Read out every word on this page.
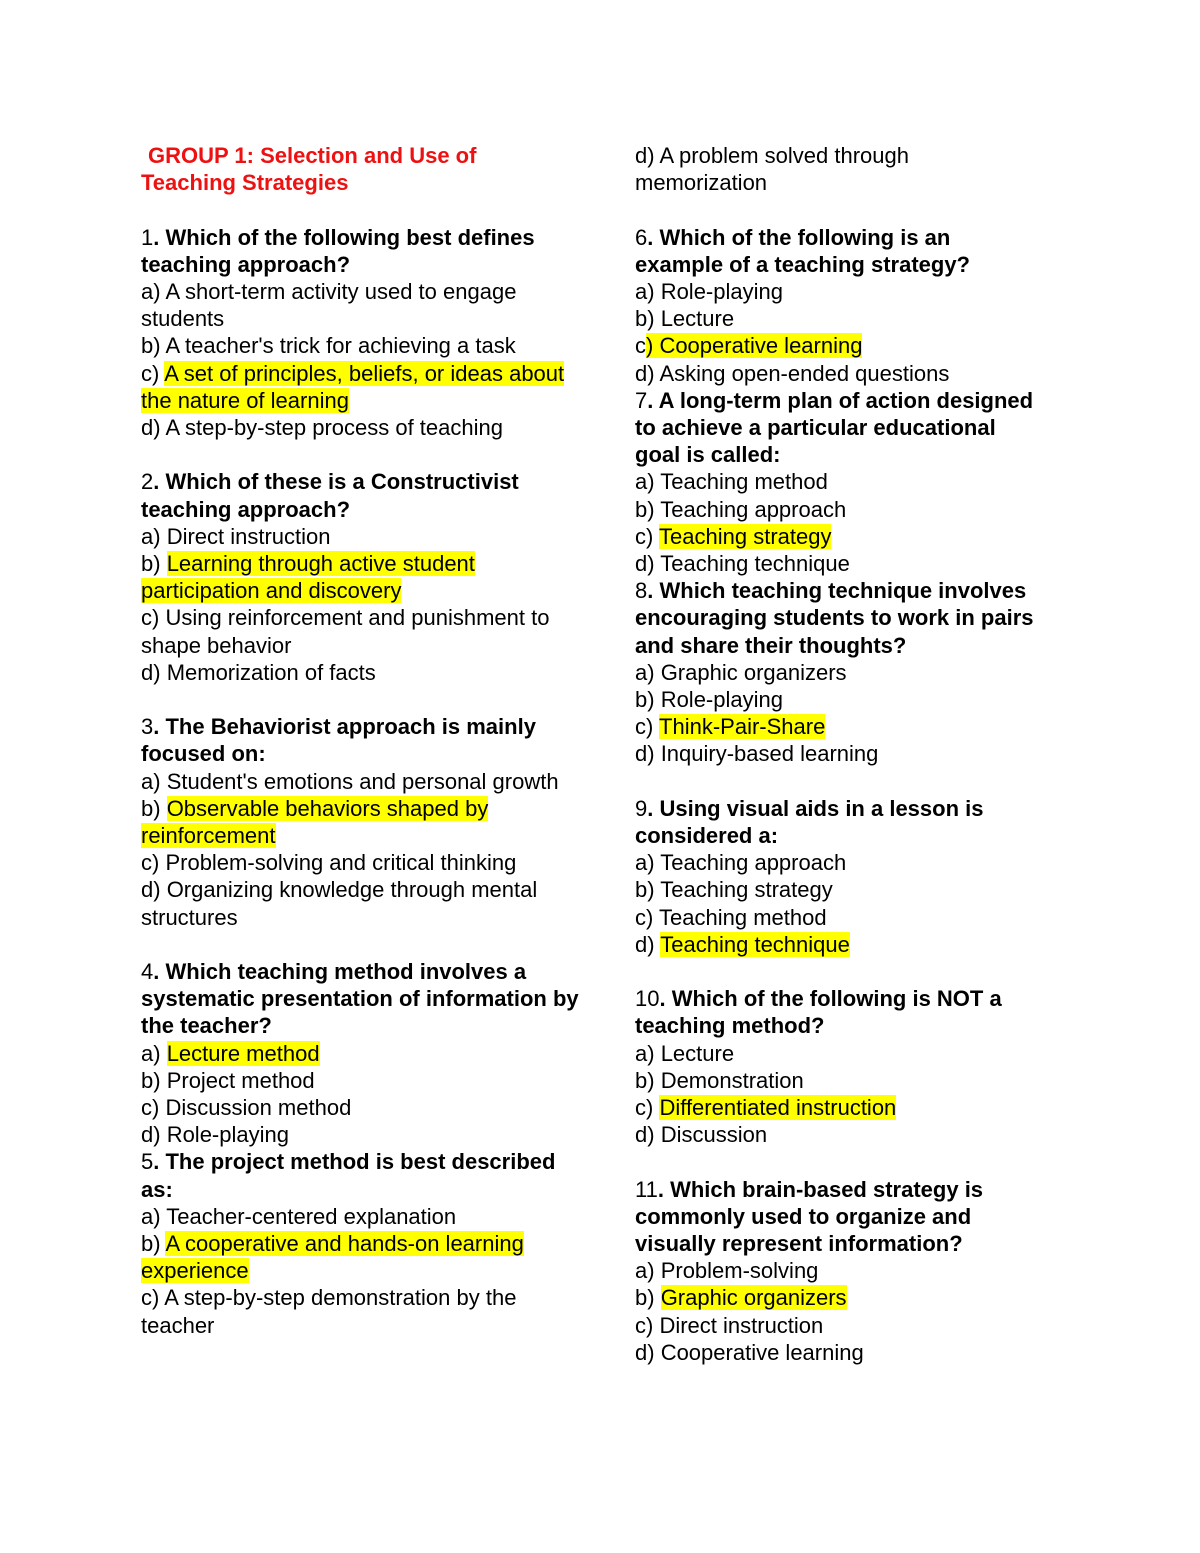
GROUP 1: Selection and Use of
Teaching Strategies

1. Which of the following best defines teaching approach?

a) A short-term activity used to engage students

b) A teacher's trick for achieving a task

c) A set of principles, beliefs, or ideas about the nature of learning

d) A step-by-step process of teaching

2. Which of these is a Constructivist teaching approach?

a) Direct instruction

b) Learning through active student participation and discovery

c) Using reinforcement and punishment to shape behavior

d) Memorization of facts

3. The Behaviorist approach is mainly focused on:

a) Student's emotions and personal growth

b) Observable behaviors shaped by reinforcement

c) Problem-solving and critical thinking

d) Organizing knowledge through mental structures

4. Which teaching method involves a systematic presentation of information by the teacher?

a) Lecture method

b) Project method

c) Discussion method

d) Role-playing

5. The project method is best described as:

a) Teacher-centered explanation

b) A cooperative and hands-on learning experience

c) A step-by-step demonstration by the teacher

d) A problem solved through memorization

6. Which of the following is an example of a teaching strategy?

a) Role-playing

b) Lecture

c) Cooperative learning

d) Asking open-ended questions

7. A long-term plan of action designed to achieve a particular educational goal is called:

a) Teaching method

b) Teaching approach

c) Teaching strategy

d) Teaching technique

8. Which teaching technique involves encouraging students to work in pairs and share their thoughts?

a) Graphic organizers

b) Role-playing

c) Think-Pair-Share

d) Inquiry-based learning

9. Using visual aids in a lesson is considered a:

a) Teaching approach

b) Teaching strategy

c) Teaching method

d) Teaching technique

10. Which of the following is NOT a teaching method?

a) Lecture

b) Demonstration

c) Differentiated instruction

d) Discussion

11. Which brain-based strategy is commonly used to organize and visually represent information?

a) Problem-solving

b) Graphic organizers

c) Direct instruction

d) Cooperative learning
